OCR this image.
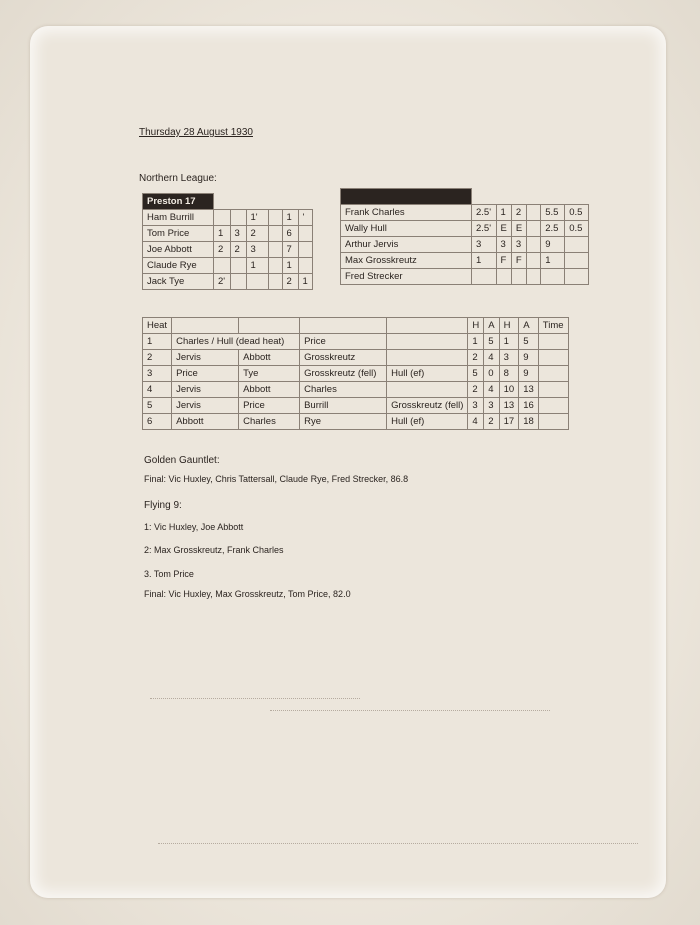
Thursday 28 August 1930
Northern League:
Preston 17						
Ham Burrill			1'		1	'
Tom Price	1	3	2		6	
Joe Abbott	2	2	3		7	
Claude Rye			1		1	
Jack Tye	2'				2	1

Frank Charles	2.5'	1	2		5.5	0.5
Wally Hull	2.5'	E	E		2.5	0.5
Arthur Jervis	3	3	3		9	
Max Grosskreutz	1	F	F		1	
Fred Strecker						
Heat					H	A	H	A	Time
1	Charles / Hull (dead heat)		Price		1	5	1	5	
2	Jervis	Abbott	Grosskreutz		2	4	3	9	
3	Price	Tye	Grosskreutz (fell)	Hull (ef)	5	0	8	9	
4	Jervis	Abbott	Charles		2	4	10	13	
5	Jervis	Price	Burrill	Grosskreutz (fell)	3	3	13	16	
6	Abbott	Charles	Rye	Hull (ef)	4	2	17	18	
Golden Gauntlet:
Final: Vic Huxley, Chris Tattersall, Claude Rye, Fred Strecker, 86.8
Flying 9:
1: Vic Huxley, Joe Abbott
2: Max Grosskreutz, Frank Charles
3. Tom Price
Final: Vic Huxley, Max Grosskreutz, Tom Price, 82.0
